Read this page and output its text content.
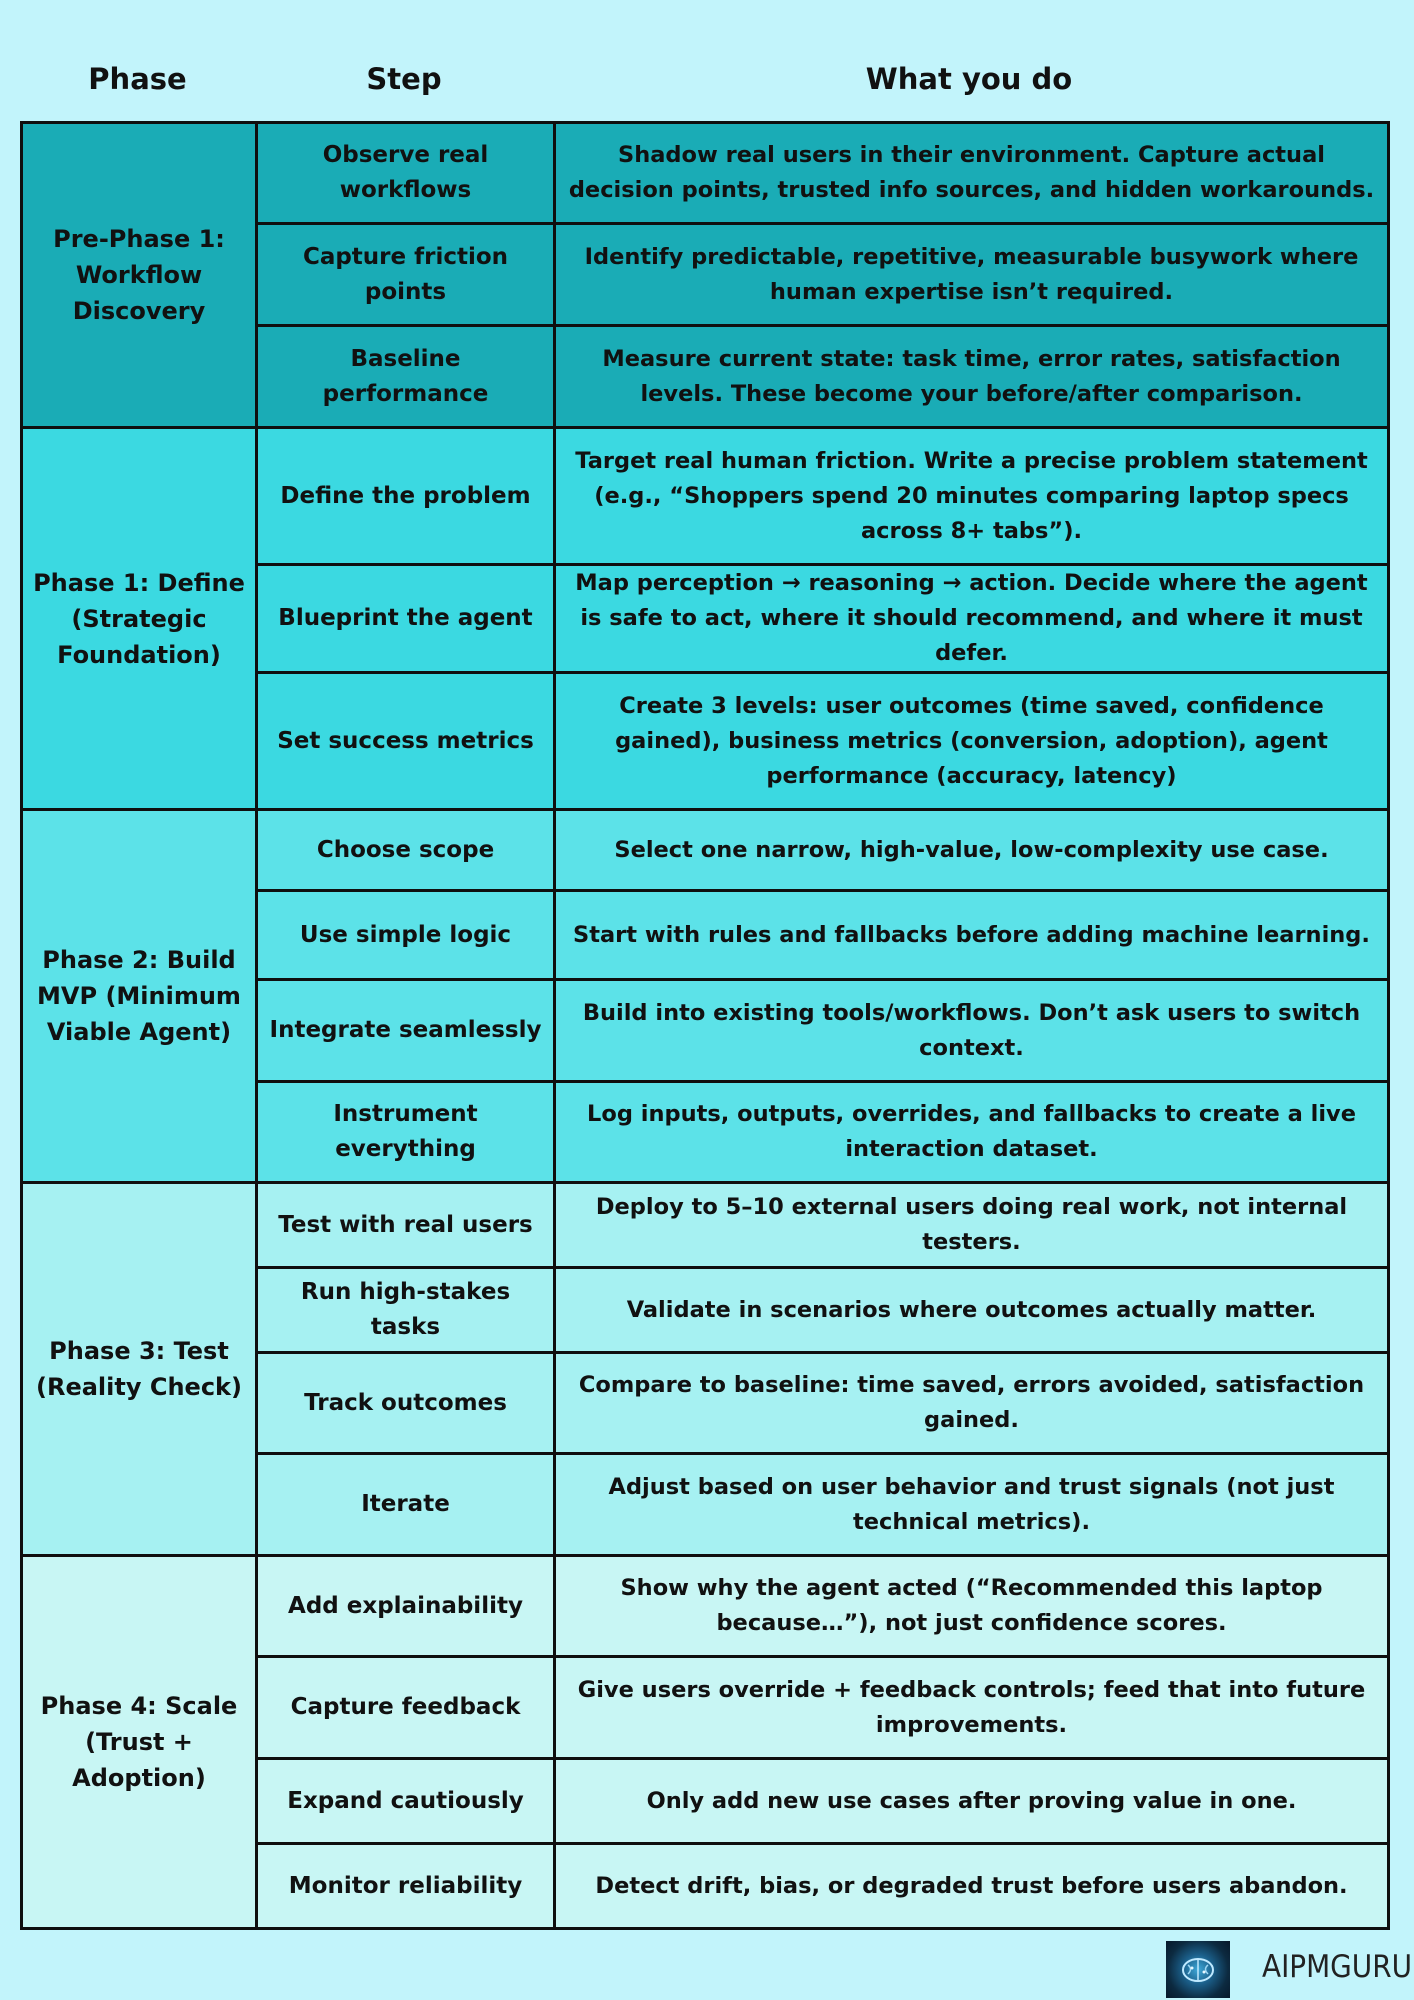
Phase	Step	What you do
Pre-Phase 1: Workflow Discovery	Observe real workflows	Shadow real users in their environment. Capture actual decision points, trusted info sources, and hidden workarounds.
	Capture friction points	Identify predictable, repetitive, measurable busywork where human expertise isn’t required.
	Baseline performance	Measure current state: task time, error rates, satisfaction levels. These become your before/after comparison.
Phase 1: Define (Strategic Foundation)	Define the problem	Target real human friction. Write a precise problem statement (e.g., “Shoppers spend 20 minutes comparing laptop specs across 8+ tabs”).
	Blueprint the agent	Map perception → reasoning → action. Decide where the agent is safe to act, where it should recommend, and where it must defer.
	Set success metrics	Create 3 levels: user outcomes (time saved, confidence gained), business metrics (conversion, adoption), agent performance (accuracy, latency)
Phase 2: Build MVP (Minimum Viable Agent)	Choose scope	Select one narrow, high-value, low-complexity use case.
	Use simple logic	Start with rules and fallbacks before adding machine learning.
	Integrate seamlessly	Build into existing tools/workflows. Don’t ask users to switch context.
	Instrument everything	Log inputs, outputs, overrides, and fallbacks to create a live interaction dataset.
Phase 3: Test (Reality Check)	Test with real users	Deploy to 5–10 external users doing real work, not internal testers.
	Run high-stakes tasks	Validate in scenarios where outcomes actually matter.
	Track outcomes	Compare to baseline: time saved, errors avoided, satisfaction gained.
	Iterate	Adjust based on user behavior and trust signals (not just technical metrics).
Phase 4: Scale (Trust + Adoption)	Add explainability	Show why the agent acted (“Recommended this laptop because…”), not just confidence scores.
	Capture feedback	Give users override + feedback controls; feed that into future improvements.
	Expand cautiously	Only add new use cases after proving value in one.
	Monitor reliability	Detect drift, bias, or degraded trust before users abandon.
AIPMGURU
